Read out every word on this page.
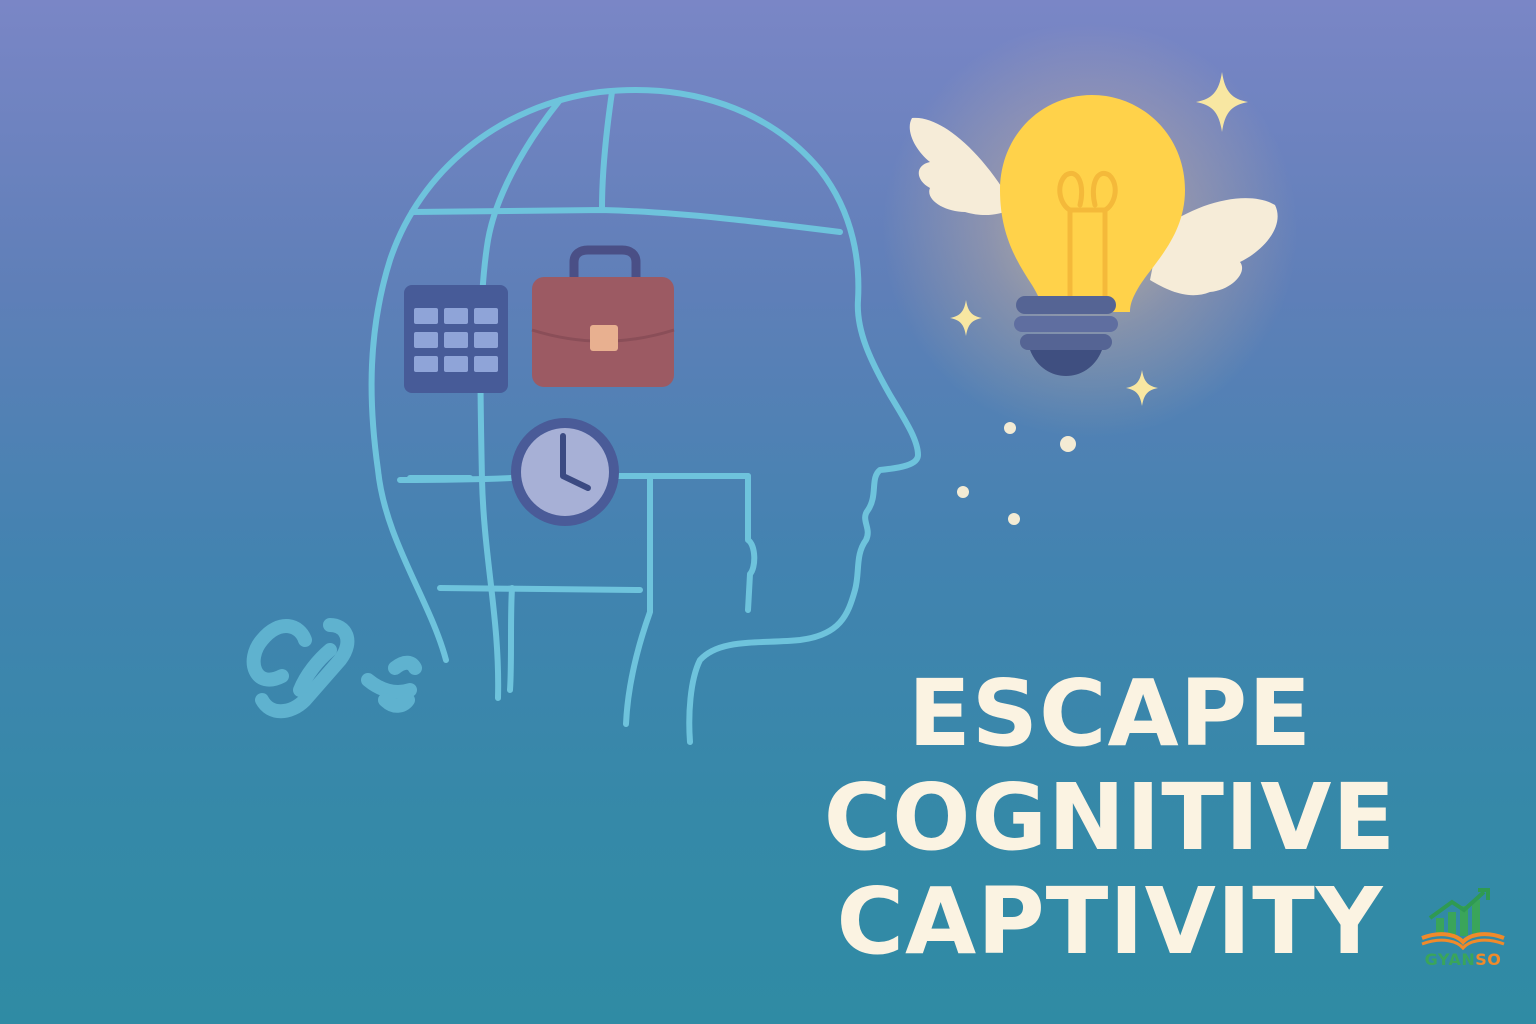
ESCAPE
COGNITIVE
CAPTIVITY	GYANSO
